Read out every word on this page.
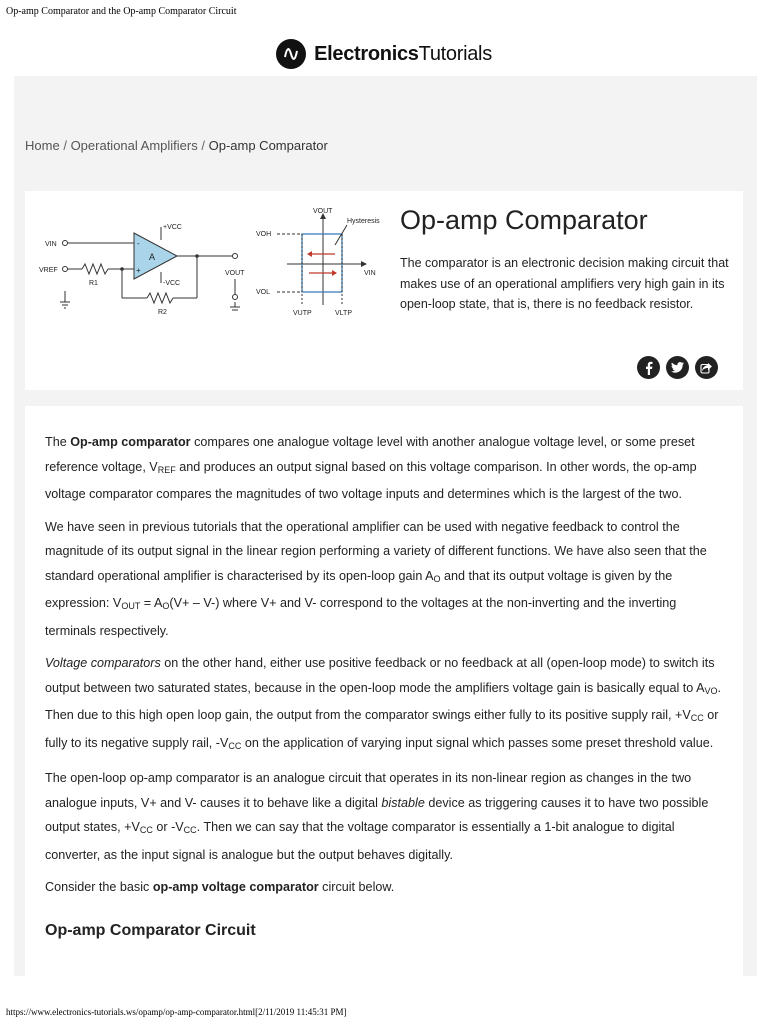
Op-amp Comparator and the Op-amp Comparator Circuit
ElectronicsTutorials
Home / Operational Amplifiers / Op-amp Comparator
VIN
VREF
R1
A
-
+
+VCC
-VCC
R2
VOUT
VOUT
VIN
VOH
VOL
Hysteresis
VUTP	VLTP
Op-amp Comparator

The comparator is an electronic decision making circuit that makes use of an operational amplifiers very high gain in its open-loop state, that is, there is no feedback resistor.

The Op-amp comparator compares one analogue voltage level with another analogue voltage level, or some preset reference voltage, $V_{REF}$ and produces an output signal based on this voltage comparison. In other words, the op-amp voltage comparator compares the magnitudes of two voltage inputs and determines which is the largest of the two.

We have seen in previous tutorials that the operational amplifier can be used with negative feedback to control the magnitude of its output signal in the linear region performing a variety of different functions. We have also seen that the standard operational amplifier is characterised by its open-loop gain $A_O$ and that its output voltage is given by the expression: $V_{OUT} = A_O(V+ - V-)$ where V+ and V- correspond to the voltages at the non-inverting and the inverting terminals respectively.

Voltage comparators on the other hand, either use positive feedback or no feedback at all (open-loop mode) to switch its output between two saturated states, because in the open-loop mode the amplifiers voltage gain is basically equal to $A_{VO}$. Then due to this high open loop gain, the output from the comparator swings either fully to its positive supply rail, $+V_{CC}$ or fully to its negative supply rail, $-V_{CC}$ on the application of varying input signal which passes some preset threshold value.

The open-loop op-amp comparator is an analogue circuit that operates in its non-linear region as changes in the two analogue inputs, V+ and V- causes it to behave like a digital bistable device as triggering causes it to have two possible output states, $+V_{CC}$ or $-V_{CC}$. Then we can say that the voltage comparator is essentially a 1-bit analogue to digital converter, as the input signal is analogue but the output behaves digitally.

Consider the basic op-amp voltage comparator circuit below.

Op-amp Comparator Circuit
https://www.electronics-tutorials.ws/opamp/op-amp-comparator.html[2/11/2019 11:45:31 PM]
